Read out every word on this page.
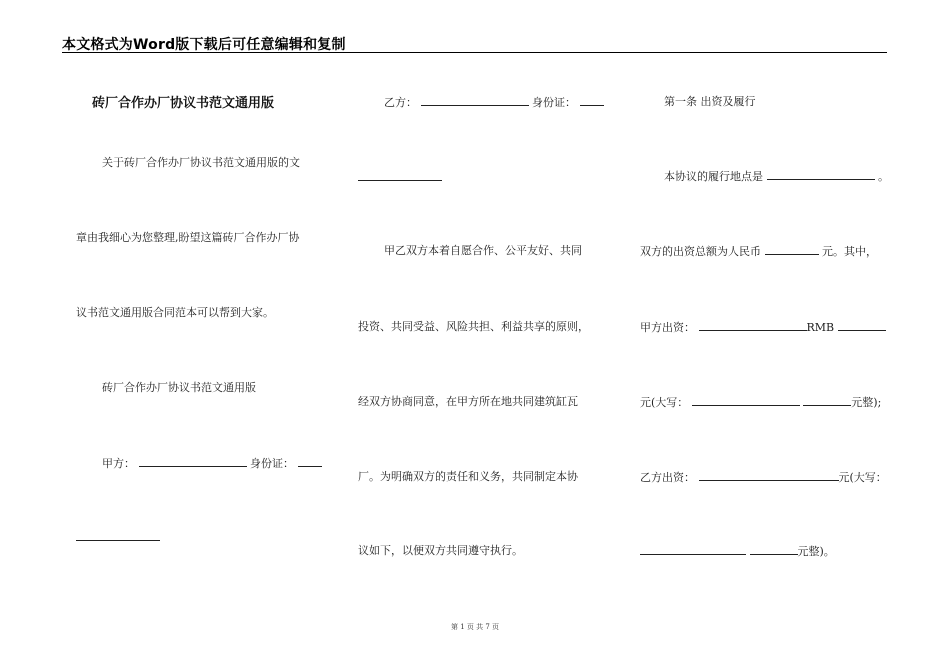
本文格式为Word版下载后可任意编辑和复制
砖厂合作办厂协议书范文通用版
关于砖厂合作办厂协议书范文通用版的文
章由我细心为您整理,盼望这篇砖厂合作办厂协
议书范文通用版合同范本可以帮到大家。
砖厂合作办厂协议书范文通用版
甲方：	身份证：
乙方：	身份证：
甲乙双方本着自愿合作、公平友好、共同
投资、共同受益、风险共担、利益共享的原则，
经双方协商同意，在甲方所在地共同建筑缸瓦
厂。为明确双方的责任和义务，共同制定本协
议如下，以便双方共同遵守执行。
第一条 出资及履行
本协议的履行地点是	。
双方的出资总额为人民币	元。其中，
甲方出资：	RMB
元(大写：	元整);
乙方出资：	元(大写：
元整)。
第 1 页 共 7 页
